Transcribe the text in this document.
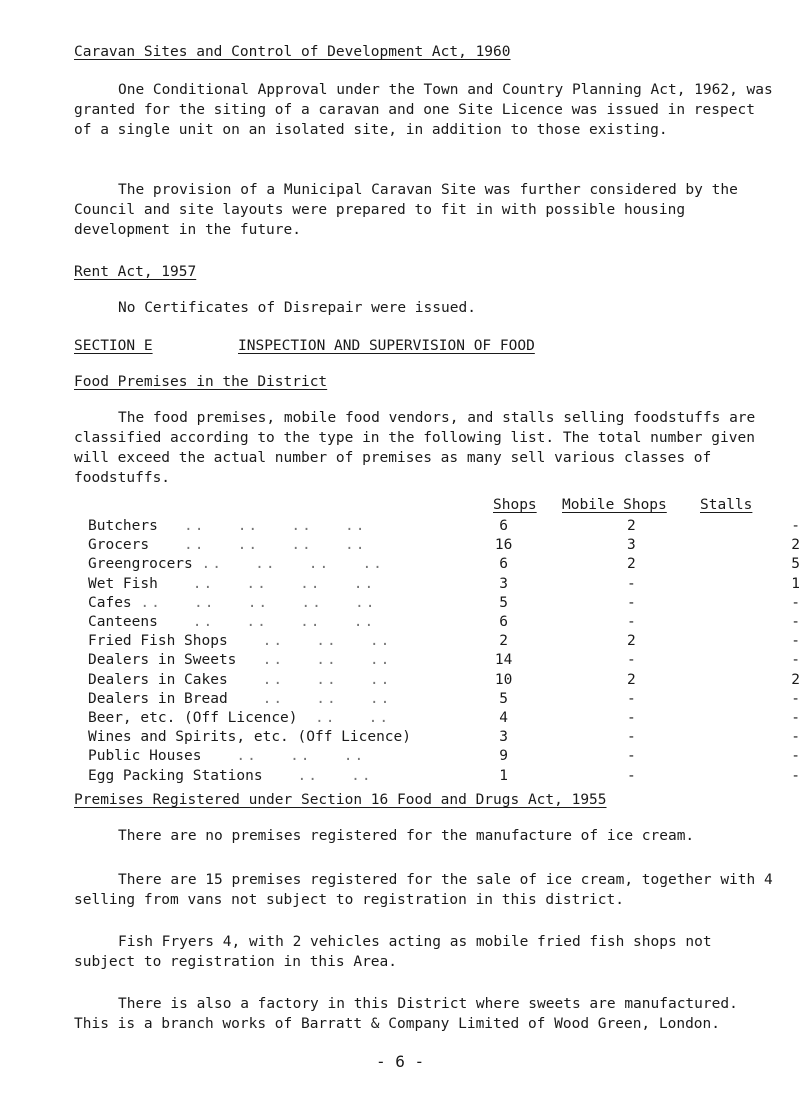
Caravan Sites and Control of Development Act, 1960
One Conditional Approval under the Town and Country Planning Act, 1962, was granted for the siting of a caravan and one Site Licence was issued in respect of a single unit on an isolated site, in addition to those existing.
The provision of a Municipal Caravan Site was further considered by the Council and site layouts were prepared to fit in with possible housing development in the future.
Rent Act, 1957
No Certificates of Disrepair were issued.
SECTION E	INSPECTION AND SUPERVISION OF FOOD
Food Premises in the District
The food premises, mobile food vendors, and stalls selling foodstuffs are classified according to the type in the following list. The total number given will exceed the actual number of premises as many sell various classes of foodstuffs.
Shops Mobile Shops Stalls
Butchers ..   ..   ..   ..	6	2	-
Grocers ..   ..   ..   ..	16	3	2
Greengrocers ..   ..   ..   ..	6	2	5
Wet Fish ..   ..   ..   ..	3	-	1
Cafes ..   ..   ..   ..   ..	5	-	-
Canteens ..   ..   ..   ..	6	-	-
Fried Fish Shops ..   ..   ..	2	2	-
Dealers in Sweets ..   ..   ..	14	-	-
Dealers in Cakes ..   ..   ..	10	2	2
Dealers in Bread ..   ..   ..	5	-	-
Beer, etc. (Off Licence) ..   ..	4	-	-
Wines and Spirits, etc. (Off Licence)	3	-	-
Public Houses ..   ..   ..	9	-	-
Egg Packing Stations ..   ..	1	-	-
Premises Registered under Section 16 Food and Drugs Act, 1955
There are no premises registered for the manufacture of ice cream.
There are 15 premises registered for the sale of ice cream, together with 4 selling from vans not subject to registration in this district.
Fish Fryers 4, with 2 vehicles acting as mobile fried fish shops not subject to registration in this Area.
There is also a factory in this District where sweets are manufactured. This is a branch works of Barratt & Company Limited of Wood Green, London.
- 6 -
